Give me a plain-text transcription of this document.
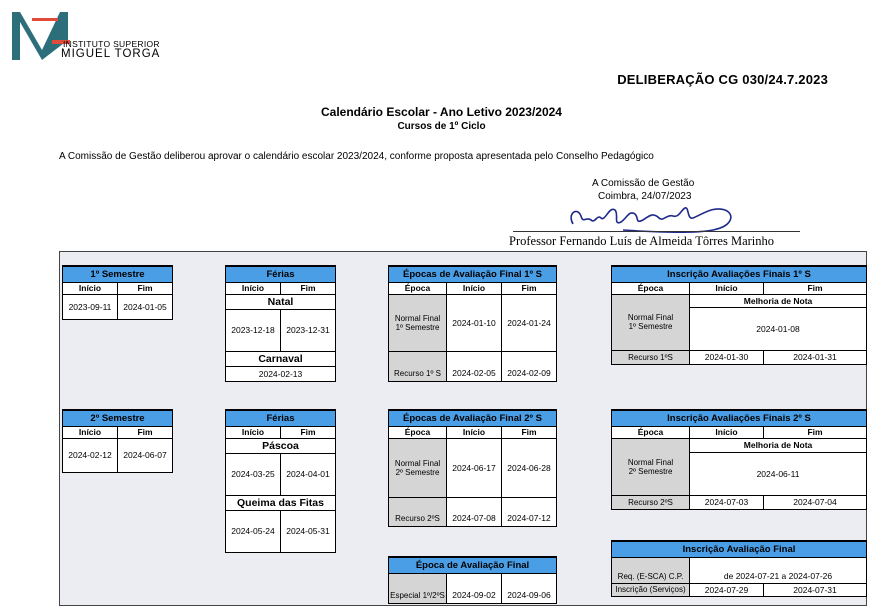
INSTITUTO SUPERIOR
MIGUEL TORGA
DELIBERAÇÃO CG 030/24.7.2023
Calendário Escolar - Ano Letivo 2023/2024
Cursos de 1º Ciclo
A Comissão de Gestão deliberou aprovar o calendário escolar 2023/2024, conforme proposta apresentada pelo Conselho Pedagógico
A Comissão de Gestão
Coimbra, 24/07/2023
Professor Fernando Luís de Almeida Tôrres Marinho
1º Semestre	
Início	Fim
2023-09-11	2024-01-05
Férias	
Início	Fim
Natal	
2023-12-18	2023-12-31
Carnaval	
2024-02-13	
Épocas de Avaliação Final 1º S		
Época	Início	Fim
Normal Final
1º Semestre	2024-01-10	2024-01-24
Recurso 1º S	2024-02-05	2024-02-09
Inscrição Avaliações Finais 1º S		
Época	Início	Fim
Normal Final
1º Semestre	Melhoria de Nota	
	2024-01-08	
Recurso 1ºS	2024-01-30	2024-01-31
2º Semestre	
Início	Fim
2024-02-12	2024-06-07
Férias	
Início	Fim
Páscoa	
2024-03-25	2024-04-01
Queima das Fitas	
2024-05-24	2024-05-31
Épocas de Avaliação Final 2º S		
Época	Início	Fim
Normal Final
2º Semestre	2024-06-17	2024-06-28
Recurso 2ºS	2024-07-08	2024-07-12
Inscrição Avaliações Finais 2º S		
Época	Início	Fim
Normal Final
2º Semestre	Melhoria de Nota	
	2024-06-11	
Recurso 2ºS	2024-07-03	2024-07-04
Época de Avaliação Final
Especial 1º/2ºS	2024-09-02	2024-09-06
Inscrição Avaliação Final		
Req. (E-SCA) C.P.	de 2024-07-21 a 2024-07-26	
Inscrição (Serviços)	2024-07-29	2024-07-31
